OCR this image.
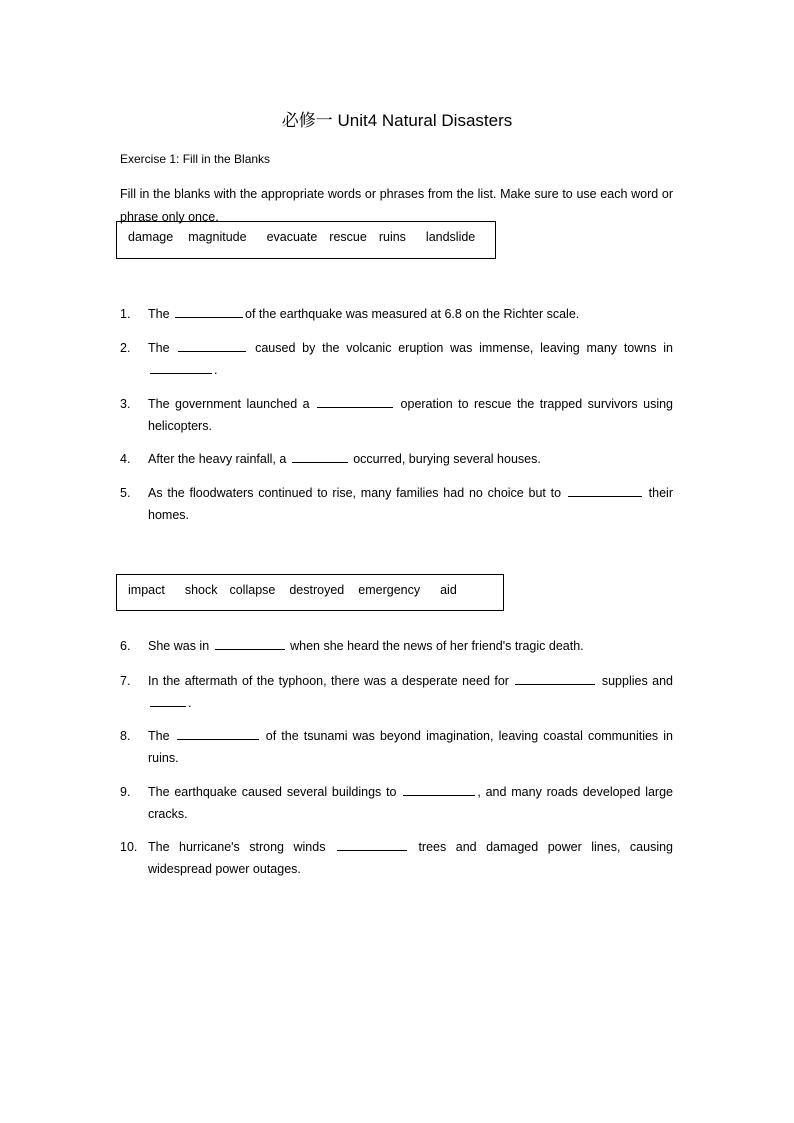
必修一 Unit4 Natural Disasters
Exercise 1: Fill in the Blanks
Fill in the blanks with the appropriate words or phrases from the list. Make sure to use each word or phrase only once.
damage magnitude evacuate rescue ruins landslide
1.	The	of the earthquake was measured at 6.8 on the Richter scale.
2.	The	caused by the volcanic eruption was immense, leaving many towns in .
3.	The government launched a	operation to rescue the trapped survivors using helicopters.
4.	After the heavy rainfall, a	occurred, burying several houses.
5.	As the floodwaters continued to rise, many families had no choice but to	their homes.
impact shock collapse destroyed emergency aid
6.	She was in	when she heard the news of her friend's tragic death.
7.	In the aftermath of the typhoon, there was a desperate need for	supplies and .
8.	The	of the tsunami was beyond imagination, leaving coastal communities in ruins.
9.	The earthquake caused several buildings to	, and many roads developed large cracks.
10. The hurricane's strong winds	trees and damaged power lines, causing widespread power outages.
